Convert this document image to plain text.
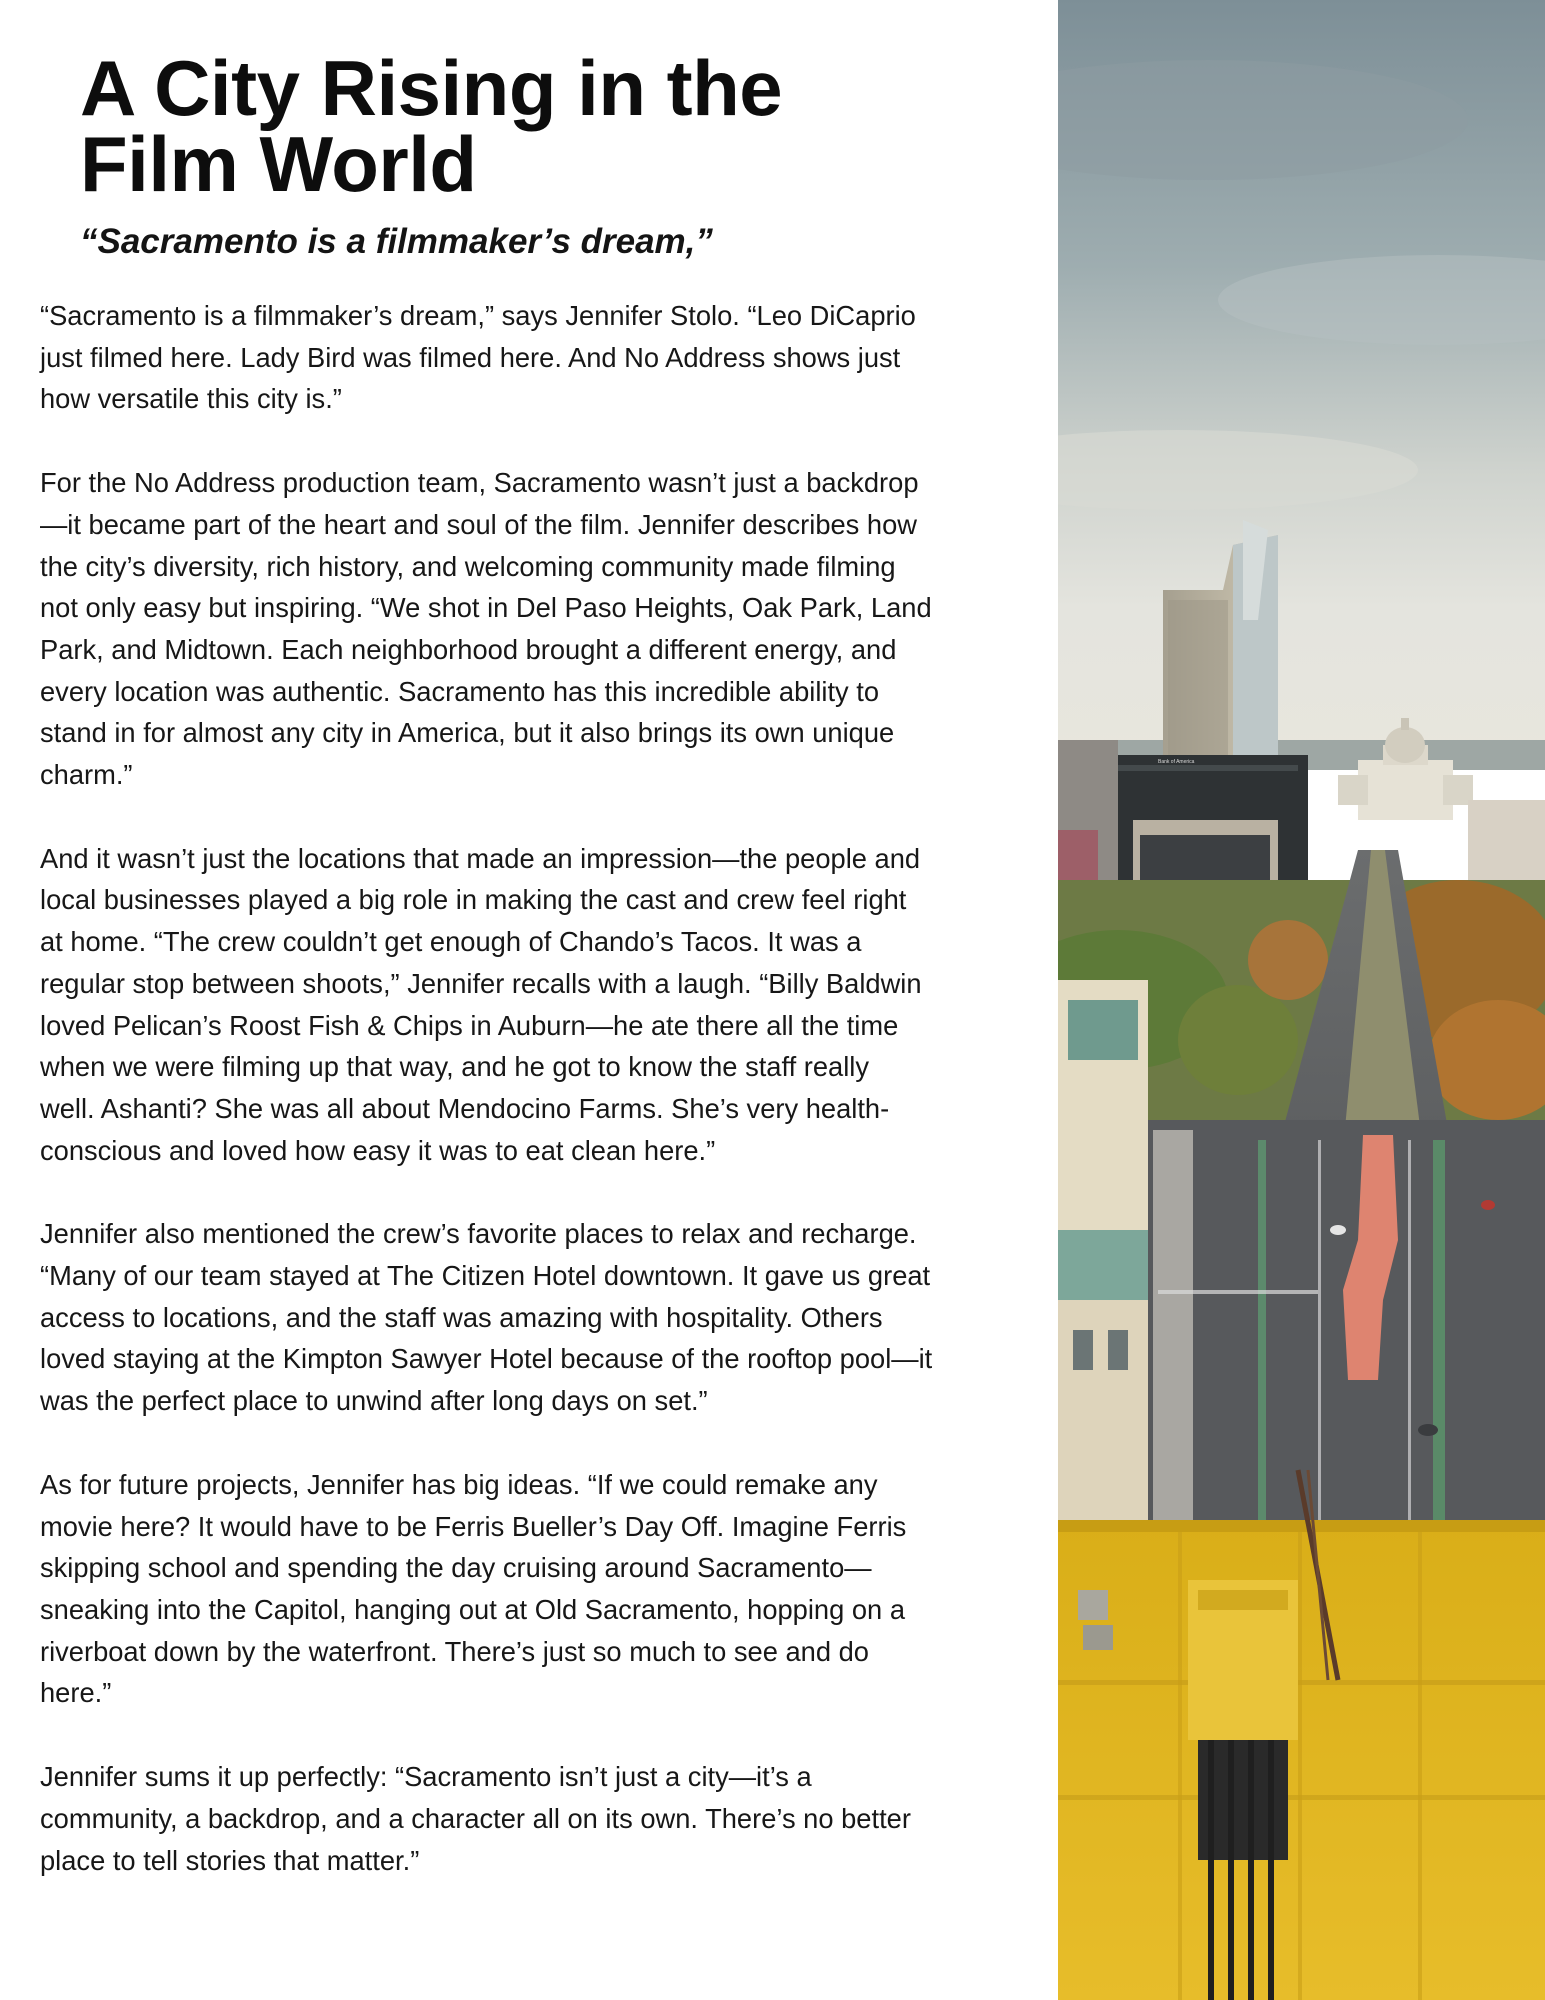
A City Rising in the
Film World

“Sacramento is a filmmaker’s dream,”

“Sacramento is a filmmaker’s dream,” says Jennifer Stolo. “Leo DiCaprio
just filmed here. Lady Bird was filmed here. And No Address shows just
how versatile this city is.”

For the No Address production team, Sacramento wasn’t just a backdrop
—it became part of the heart and soul of the film. Jennifer describes how
the city’s diversity, rich history, and welcoming community made filming
not only easy but inspiring. “We shot in Del Paso Heights, Oak Park, Land
Park, and Midtown. Each neighborhood brought a different energy, and
every location was authentic. Sacramento has this incredible ability to
stand in for almost any city in America, but it also brings its own unique
charm.”

And it wasn’t just the locations that made an impression—the people and
local businesses played a big role in making the cast and crew feel right
at home. “The crew couldn’t get enough of Chando’s Tacos. It was a
regular stop between shoots,” Jennifer recalls with a laugh. “Billy Baldwin
loved Pelican’s Roost Fish & Chips in Auburn—he ate there all the time
when we were filming up that way, and he got to know the staff really
well. Ashanti? She was all about Mendocino Farms. She’s very health-
conscious and loved how easy it was to eat clean here.”

Jennifer also mentioned the crew’s favorite places to relax and recharge.
“Many of our team stayed at The Citizen Hotel downtown. It gave us great
access to locations, and the staff was amazing with hospitality. Others
loved staying at the Kimpton Sawyer Hotel because of the rooftop pool—it
was the perfect place to unwind after long days on set.”

As for future projects, Jennifer has big ideas. “If we could remake any
movie here? It would have to be Ferris Bueller’s Day Off. Imagine Ferris
skipping school and spending the day cruising around Sacramento—
sneaking into the Capitol, hanging out at Old Sacramento, hopping on a
riverboat down by the waterfront. There’s just so much to see and do
here.”

Jennifer sums it up perfectly: “Sacramento isn’t just a city—it’s a
community, a backdrop, and a character all on its own. There’s no better
place to tell stories that matter.”

Bank of America
